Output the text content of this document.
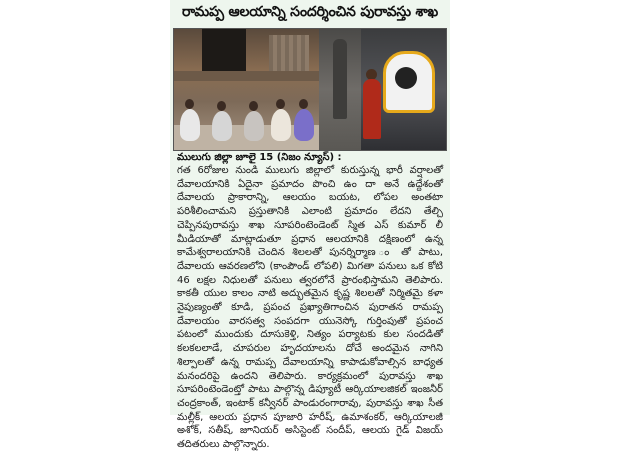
రామప్ప ఆలయాన్ని సందర్శించిన పురావస్తు శాఖ
ములుగు జిల్లా జూలై 15 (నిజం న్యూస్) :
గత 6రోజుల నుండి ములుగు జిల్లాలో కురుస్తున్న భారీ వర్షాలతో దేవాలయానికి ఏదైనా ప్రమాదం పొంచి ఉం దా అనే ఉద్దేశంతో దేవాలయ ప్రాకారాన్ని, ఆలయం బయట, లోపల అంతటా పరిశీలించామని ప్రస్తుతానికి ఎలాంటి ప్రమాదం లేదని తేల్చి చెప్పినపురావస్తు శాఖ సూపరింటెండెంట్ స్మిత ఎస్ కుమార్ లీ మీడియాతో మాట్లాడుతూ ప్రధాన ఆలయానికి దక్షిణంలో ఉన్న కామేశ్వరాలయానికి చెందిన శిలలతో పునర్నిర్మాణ ం తో పాటు, దేవాలయ ఆవరణలోని (కాంపౌండ్ లోపలి) మిగతా పనులు ఒక కోటి 46 లక్షల నిధులతో పనులు త్వరలోనే ప్రారంభిస్తామని తెలిపారు. కాకతీ యుల కాలం నాటి అద్భుతమైన కృష్ణ శిలలతో నిర్మితమై కళా నైపుణ్యంతో కూడి, ప్రపంచ ప్రఖ్యాతిగాంచిన పురాతన రామప్ప దేవాలయం వారసత్వ సంపదగా యునెస్కో గుర్తింపుతో ప్రపంచ పటంలో ముందుకు దూసుకెళ్తి, నిత్యం పర్యాటకు కుల సందడితో కలకలలాడే, చూపరుల హృదయాలను దోచే అందమైన నాగిని శిల్పాలతో ఉన్న రామప్ప దేవాలయాన్ని కాపాడుకోవాల్సిన బాధ్యత మనందరిపై ఉందని తెలిపారు. కార్యక్రమంలో పురావస్తు శాఖ సూపరింటెండెంట్తో పాటు పాల్గొన్న డిప్యూటీ ఆర్కియాలజికల్ ఇంజనీర్ చంద్రకాంత్, ఇంటాక్ కన్వీనర్ పాండురంగారావు, పురావస్తు శాఖ సీత మల్లీక్, ఆలయ ప్రధాన పూజారి హరీష్, ఉమాశంకర్, ఆర్కియాలజీ అశోక్, సతీష్, జూనియర్ అసిస్టెంట్ సందీప్, ఆలయ గైడ్ విజయ్ తదితరులు పాల్గొన్నారు.
